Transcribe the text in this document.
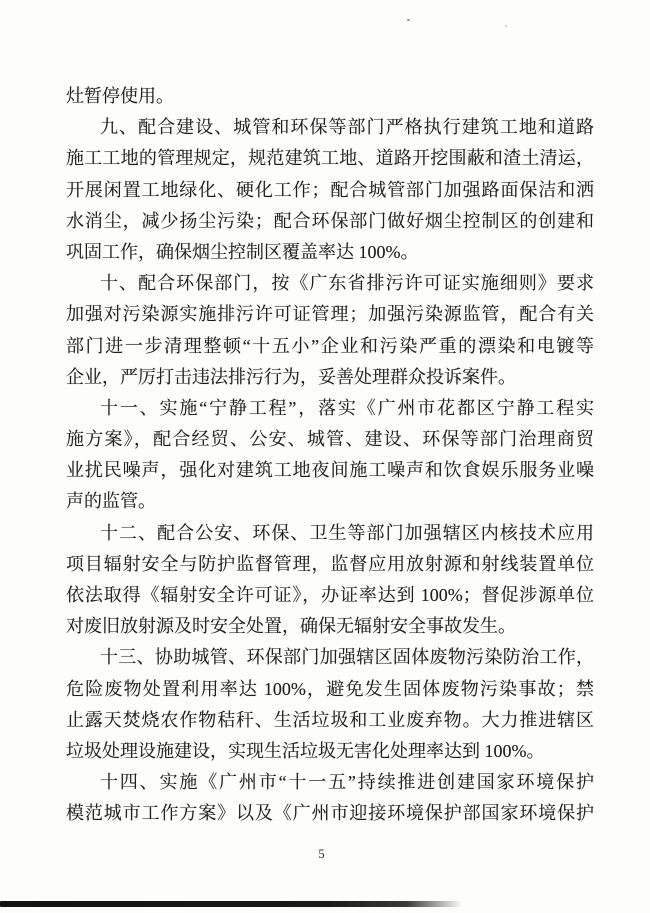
灶暂停使用。
九、配合建设、城管和环保等部门严格执行建筑工地和道路
施工工地的管理规定，规范建筑工地、道路开挖围蔽和渣土清运，
开展闲置工地绿化、硬化工作；配合城管部门加强路面保洁和洒
水消尘，减少扬尘污染；配合环保部门做好烟尘控制区的创建和
巩固工作，确保烟尘控制区覆盖率达 100%。
十、配合环保部门，按《广东省排污许可证实施细则》要求
加强对污染源实施排污许可证管理；加强污染源监管，配合有关
部门进一步清理整顿“十五小”企业和污染严重的漂染和电镀等
企业，严厉打击违法排污行为，妥善处理群众投诉案件。
十一、实施“宁静工程”，落实《广州市花都区宁静工程实
施方案》，配合经贸、公安、城管、建设、环保等部门治理商贸
业扰民噪声，强化对建筑工地夜间施工噪声和饮食娱乐服务业噪
声的监管。
十二、配合公安、环保、卫生等部门加强辖区内核技术应用
项目辐射安全与防护监督管理，监督应用放射源和射线装置单位
依法取得《辐射安全许可证》，办证率达到 100%；督促涉源单位
对废旧放射源及时安全处置，确保无辐射安全事故发生。
十三、协助城管、环保部门加强辖区固体废物污染防治工作，
危险废物处置利用率达 100%，避免发生固体废物污染事故；禁
止露天焚烧农作物秸秆、生活垃圾和工业废弃物。大力推进辖区
垃圾处理设施建设，实现生活垃圾无害化处理率达到 100%。
十四、实施《广州市“十一五”持续推进创建国家环境保护
模范城市工作方案》以及《广州市迎接环境保护部国家环境保护
5
